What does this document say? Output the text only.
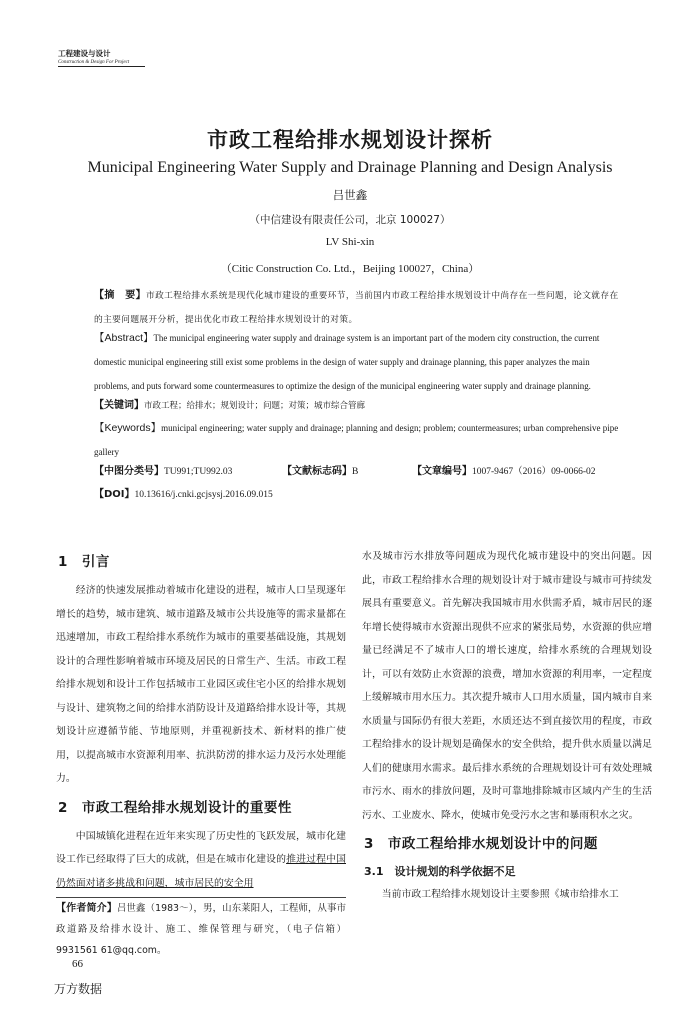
工程建设与设计
Construction & Design For Project
市政工程给排水规划设计探析
Municipal Engineering Water Supply and Drainage Planning and Design Analysis
吕世鑫
（中信建设有限责任公司，北京 100027）
LV Shi-xin
（Citic Construction Co. Ltd.，Beijing 100027，China）
【摘　要】市政工程给排水系统是现代化城市建设的重要环节，当前国内市政工程给排水规划设计中尚存在一些问题，论文就存在的主要问题展开分析，提出优化市政工程给排水规划设计的对策。
【Abstract】The municipal engineering water supply and drainage system is an important part of the modern city construction, the current domestic municipal engineering still exist some problems in the design of water supply and drainage planning, this paper analyzes the main problems, and puts forward some countermeasures to optimize the design of the municipal engineering water supply and drainage planning.
【关键词】市政工程；给排水；规划设计；问题；对策；城市综合管廊
【Keywords】municipal engineering; water supply and drainage; planning and design; problem; countermeasures; urban comprehensive pipe gallery
【中图分类号】TU991;TU992.03	【文献标志码】B	【文章编号】1007-9467（2016）09-0066-02
【DOI】10.13616/j.cnki.gcjsysj.2016.09.015
1　引言

经济的快速发展推动着城市化建设的进程，城市人口呈现逐年增长的趋势，城市建筑、城市道路及城市公共设施等的需求量都在迅速增加，市政工程给排水系统作为城市的重要基础设施，其规划设计的合理性影响着城市环境及居民的日常生产、生活。市政工程给排水规划和设计工作包括城市工业园区或住宅小区的给排水规划与设计、建筑物之间的给排水消防设计及道路给排水设计等，其规划设计应遵循节能、节地原则，并重视新技术、新材料的推广使用，以提高城市水资源利用率、抗洪防涝的排水运力及污水处理能力。

2　市政工程给排水规划设计的重要性

中国城镇化进程在近年来实现了历史性的飞跃发展，城市化建设工作已经取得了巨大的成就，但是在城市化建设的推进过程中国仍然面对诸多挑战和问题，城市居民的安全用

水及城市污水排放等问题成为现代化城市建设中的突出问题。因此，市政工程给排水合理的规划设计对于城市建设与城市可持续发展具有重要意义。首先解决我国城市用水供需矛盾，城市居民的逐年增长使得城市水资源出现供不应求的紧张局势，水资源的供应增量已经满足不了城市人口的增长速度，给排水系统的合理规划设计，可以有效防止水资源的浪费，增加水资源的利用率，一定程度上缓解城市用水压力。其次提升城市人口用水质量，国内城市自来水质量与国际仍有很大差距，水质还达不到直接饮用的程度，市政工程给排水的设计规划是确保水的安全供给，提升供水质量以满足人们的健康用水需求。最后排水系统的合理规划设计可有效处理城市污水、雨水的排放问题，及时可靠地排除城市区域内产生的生活污水、工业废水、降水，使城市免受污水之害和暴雨积水之灾。

3　市政工程给排水规划设计中的问题
3.1　设计规划的科学依据不足

当前市政工程给排水规划设计主要参照《城市给排水工

【作者简介】吕世鑫（1983～），男，山东莱阳人，工程师，从事市政道路及给排水设计、施工、维保管理与研究，（电子信箱）9931561 61@qq.com。
66
万方数据
